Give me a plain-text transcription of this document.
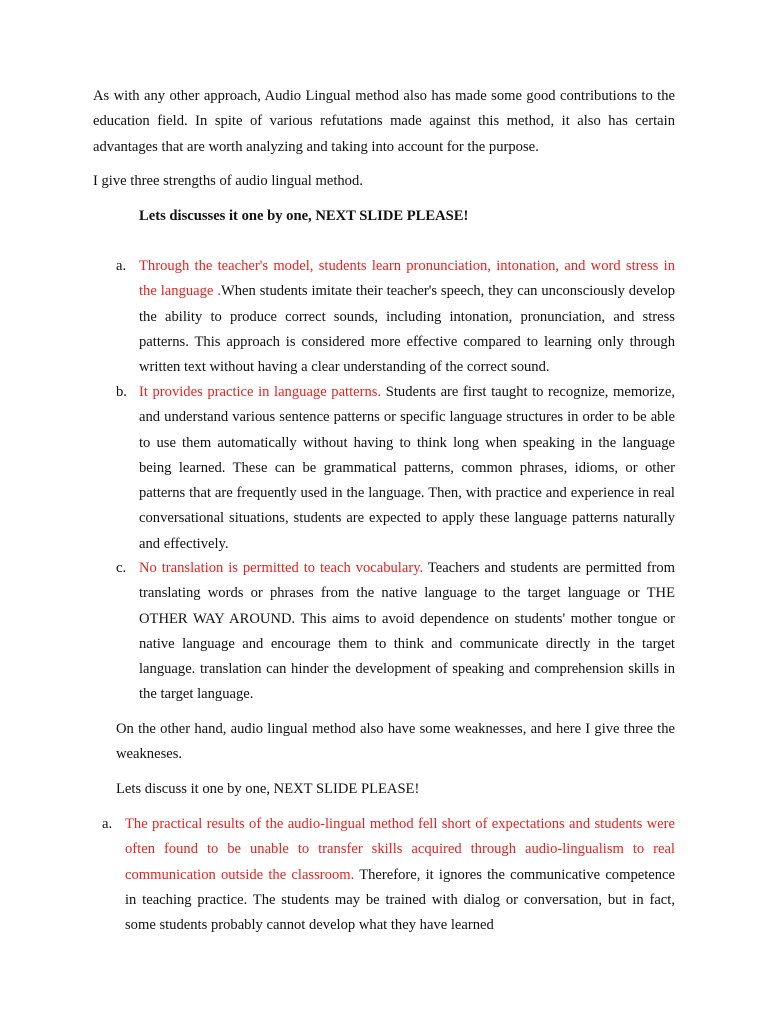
As with any other approach, Audio Lingual method also has made some good contributions to the education field. In spite of various refutations made against this method, it also has certain advantages that are worth analyzing and taking into account for the purpose.

I give three strengths of audio lingual method.

Lets discusses it one by one, NEXT SLIDE PLEASE!

a. Through the teacher's model, students learn pronunciation, intonation, and word stress in the language .When students imitate their teacher's speech, they can unconsciously develop the ability to produce correct sounds, including intonation, pronunciation, and stress patterns. This approach is considered more effective compared to learning only through written text without having a clear understanding of the correct sound.
b. It provides practice in language patterns. Students are first taught to recognize, memorize, and understand various sentence patterns or specific language structures in order to be able to use them automatically without having to think long when speaking in the language being learned. These can be grammatical patterns, common phrases, idioms, or other patterns that are frequently used in the language. Then, with practice and experience in real conversational situations, students are expected to apply these language patterns naturally and effectively.
c. No translation is permitted to teach vocabulary. Teachers and students are permitted from translating words or phrases from the native language to the target language or THE OTHER WAY AROUND. This aims to avoid dependence on students' mother tongue or native language and encourage them to think and communicate directly in the target language. translation can hinder the development of speaking and comprehension skills in the target language.

On the other hand, audio lingual method also have some weaknesses, and here I give three the weakneses.

Lets discuss it one by one, NEXT SLIDE PLEASE!

a. The practical results of the audio-lingual method fell short of expectations and students were often found to be unable to transfer skills acquired through audio-lingualism to real communication outside the classroom. Therefore, it ignores the communicative competence in teaching practice. The students may be trained with dialog or conversation, but in fact, some students probably cannot develop what they have learned
